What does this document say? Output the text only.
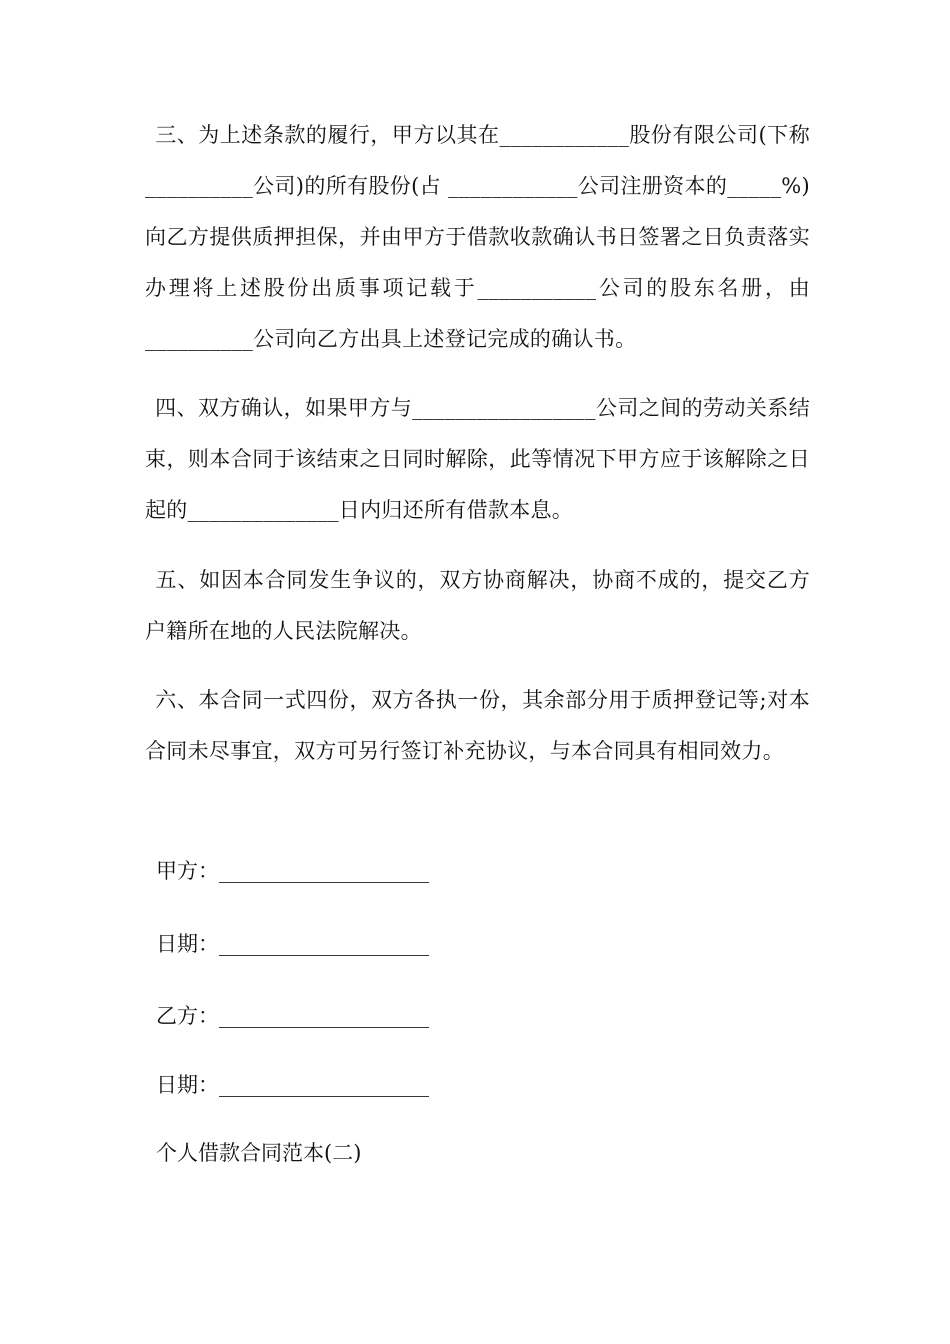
三、为上述条款的履行，甲方以其在____________股份有限公司(下称__________公司)的所有股份(占 ____________公司注册资本的_____%)向乙方提供质押担保，并由甲方于借款收款确认书日签署之日负责落实办理将上述股份出质事项记载于___________公司的股东名册，由 __________公司向乙方出具上述登记完成的确认书。

四、双方确认，如果甲方与_________________公司之间的劳动关系结束，则本合同于该结束之日同时解除，此等情况下甲方应于该解除之日起的______________日内归还所有借款本息。

五、如因本合同发生争议的，双方协商解决，协商不成的，提交乙方户籍所在地的人民法院解决。

六、本合同一式四份，双方各执一份，其余部分用于质押登记等;对本合同未尽事宜，双方可另行签订补充协议，与本合同具有相同效力。

甲方：____________________

日期：____________________

乙方：____________________

日期：____________________

个人借款合同范本(二)
